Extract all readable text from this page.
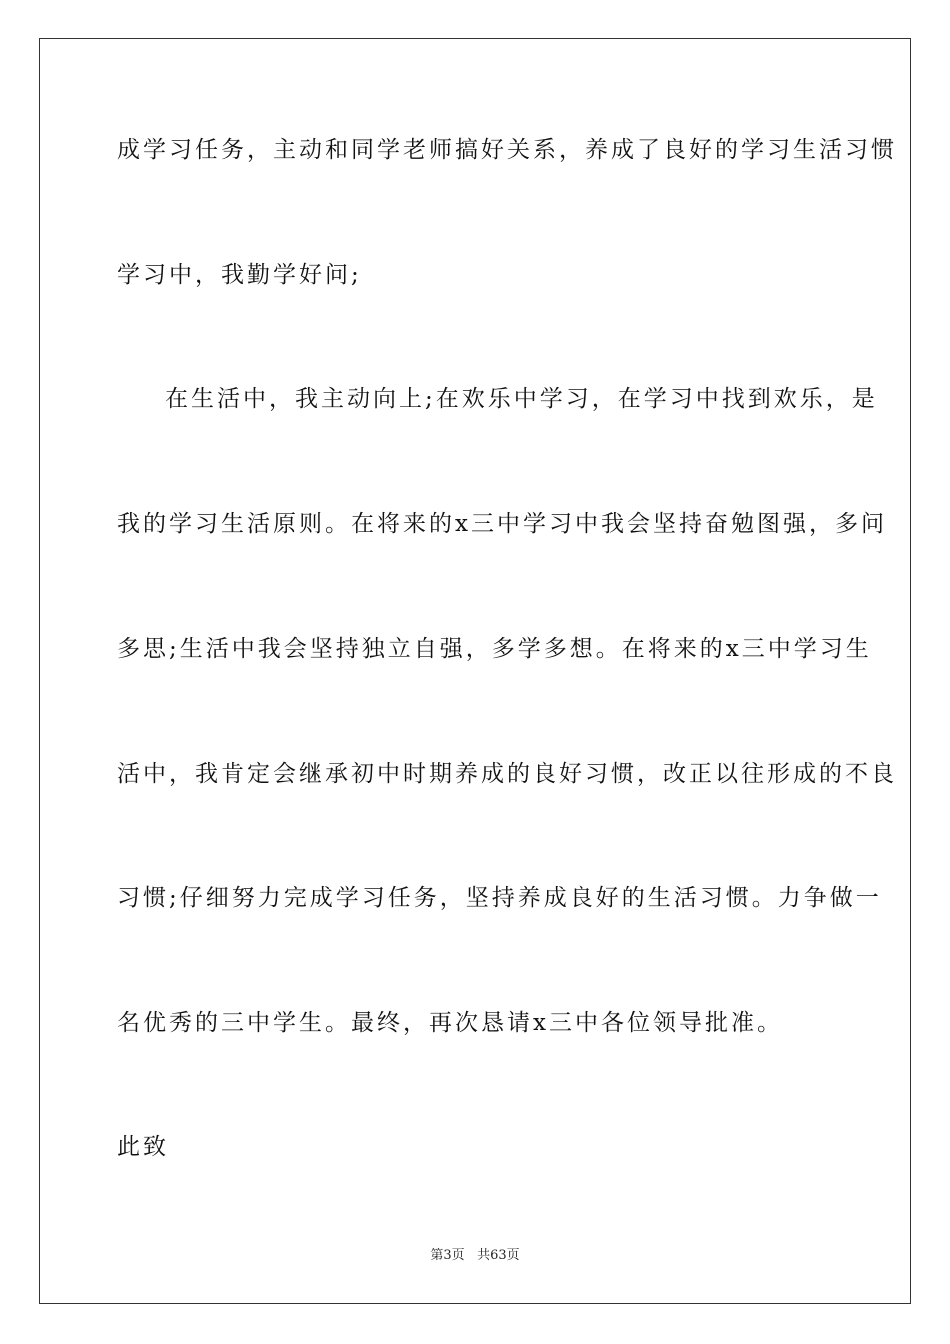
成学习任务，主动和同学老师搞好关系，养成了良好的学习生活习惯
学习中，我勤学好问;
在生活中，我主动向上;在欢乐中学习，在学习中找到欢乐，是
我的学习生活原则。在将来的x三中学习中我会坚持奋勉图强，多问
多思;生活中我会坚持独立自强，多学多想。在将来的x三中学习生
活中，我肯定会继承初中时期养成的良好习惯，改正以往形成的不良
习惯;仔细努力完成学习任务，坚持养成良好的生活习惯。力争做一
名优秀的三中学生。最终，再次恳请x三中各位领导批准。
此致
第3页 共63页
